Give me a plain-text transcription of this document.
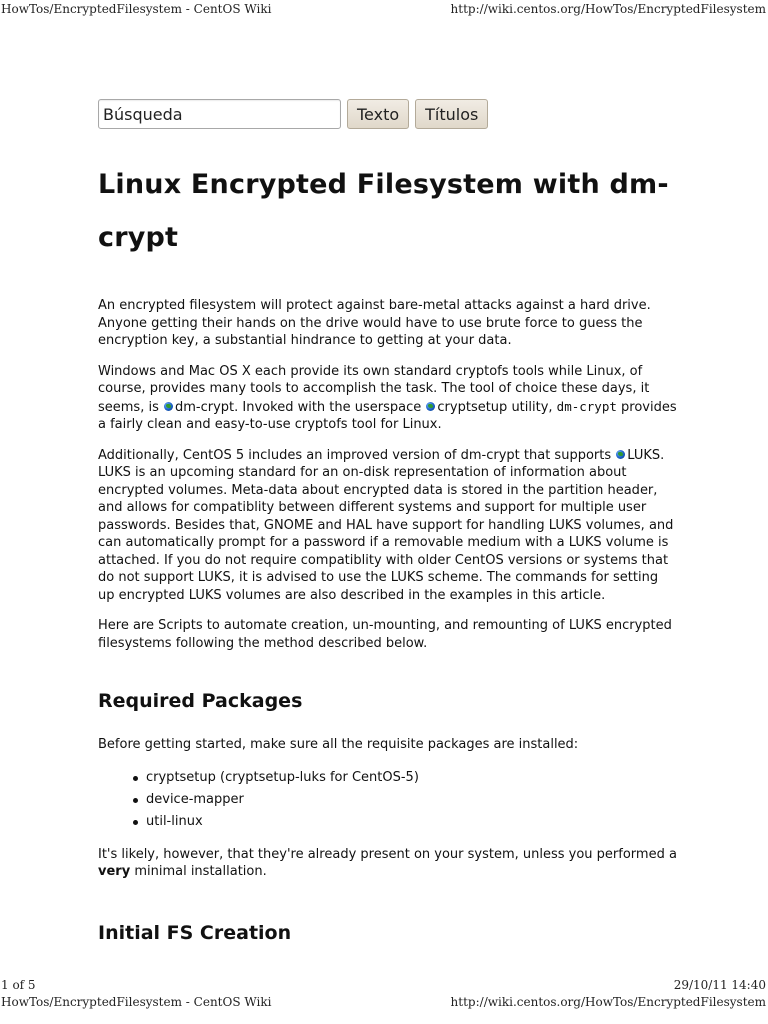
HowTos/EncryptedFilesystem - CentOS Wiki	http://wiki.centos.org/HowTos/EncryptedFilesystem
Búsqueda
Texto	Títulos
Linux Encrypted Filesystem with dm-crypt

An encrypted filesystem will protect against bare-metal attacks against a hard drive. Anyone getting their hands on the drive would have to use brute force to guess the encryption key, a substantial hindrance to getting at your data.

Windows and Mac OS X each provide its own standard cryptofs tools while Linux, of course, provides many tools to accomplish the task. The tool of choice these days, it seems, is dm-crypt. Invoked with the userspace cryptsetup utility, dm-crypt provides a fairly clean and easy-to-use cryptofs tool for Linux.

Additionally, CentOS 5 includes an improved version of dm-crypt that supports LUKS. LUKS is an upcoming standard for an on-disk representation of information about encrypted volumes. Meta-data about encrypted data is stored in the partition header, and allows for compatiblity between different systems and support for multiple user passwords. Besides that, GNOME and HAL have support for handling LUKS volumes, and can automatically prompt for a password if a removable medium with a LUKS volume is attached. If you do not require compatiblity with older CentOS versions or systems that do not support LUKS, it is advised to use the LUKS scheme. The commands for setting up encrypted LUKS volumes are also described in the examples in this article.

Here are Scripts to automate creation, un-mounting, and remounting of LUKS encrypted filesystems following the method described below.

Required Packages

Before getting started, make sure all the requisite packages are installed:

cryptsetup (cryptsetup-luks for CentOS-5)
device-mapper
util-linux

It's likely, however, that they're already present on your system, unless you performed a very minimal installation.

Initial FS Creation
1 of 5	29/10/11 14:40
HowTos/EncryptedFilesystem - CentOS Wiki	http://wiki.centos.org/HowTos/EncryptedFilesystem
